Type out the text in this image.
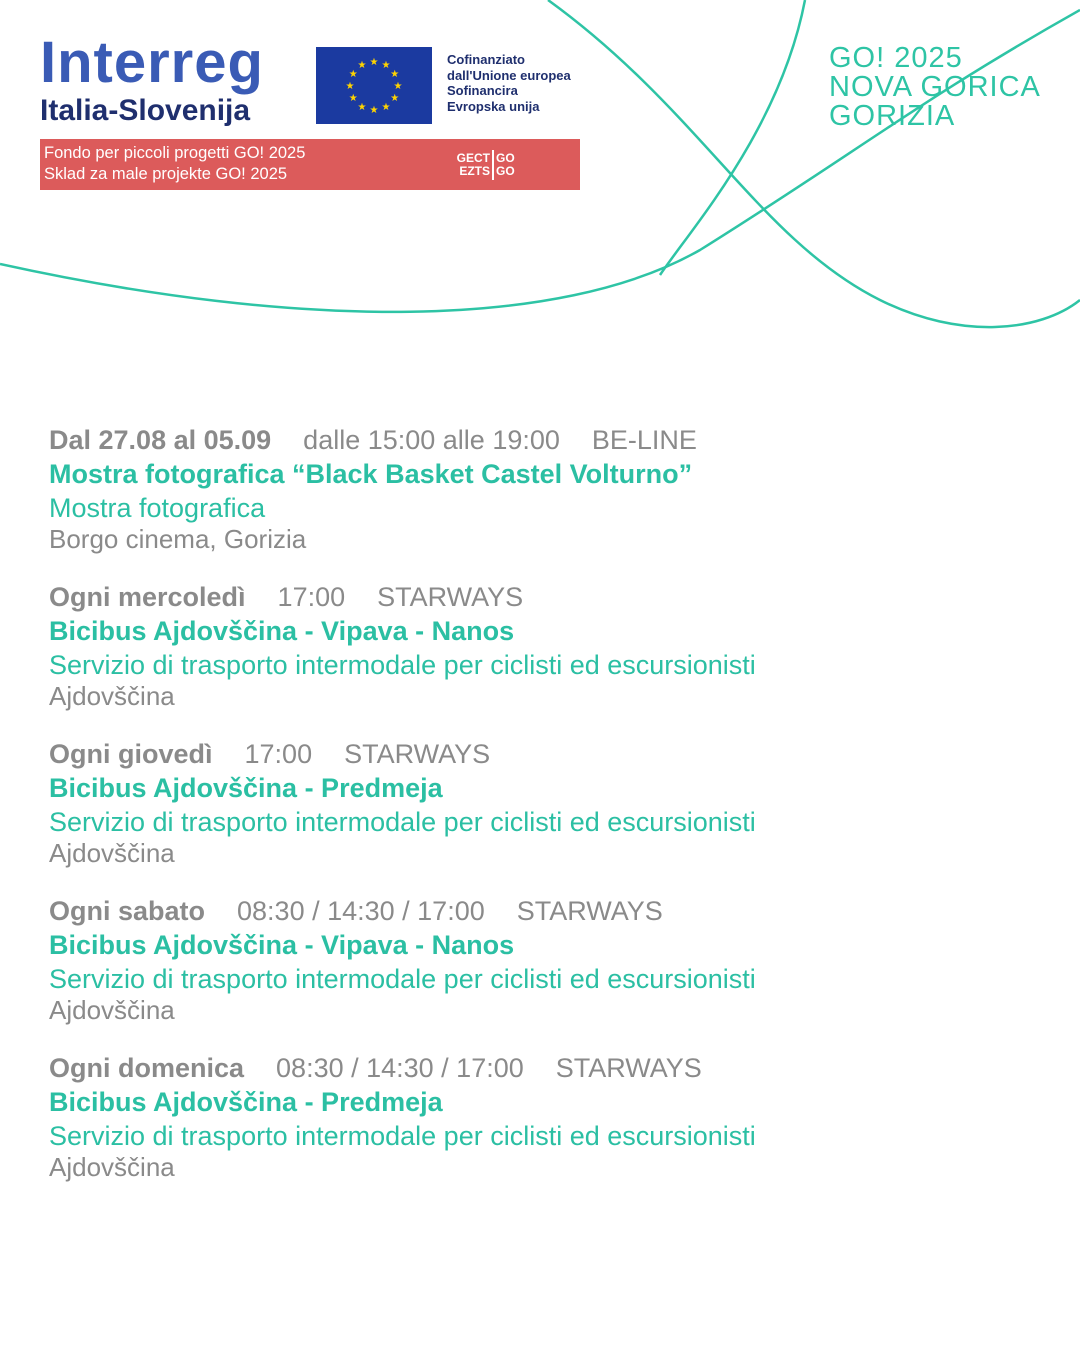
Interreg
Italia-Slovenija
★ ★
★
★
★
★
★
★
★
★
★
★	Cofinanziato
dall'Unione europea
Sofinancira
Evropska unija
Fondo per piccoli progetti GO! 2025
Sklad za male projekte GO! 2025
GECT
EZTS
GO
GO
GO! 2025
NOVA GORICA
GORIZIA
Dal 27.08 al 05.09 dalle 15:00 alle 19:00 BE-LINE
Mostra fotografica “Black Basket Castel Volturno”
Mostra fotografica
Borgo cinema, Gorizia
Ogni mercoledì 17:00 STARWAYS
Bicibus Ajdovščina - Vipava - Nanos
Servizio di trasporto intermodale per ciclisti ed escursionisti
Ajdovščina
Ogni giovedì 17:00 STARWAYS
Bicibus Ajdovščina - Predmeja
Servizio di trasporto intermodale per ciclisti ed escursionisti
Ajdovščina
Ogni sabato 08:30 / 14:30 / 17:00 STARWAYS
Bicibus Ajdovščina - Vipava - Nanos
Servizio di trasporto intermodale per ciclisti ed escursionisti
Ajdovščina
Ogni domenica 08:30 / 14:30 / 17:00 STARWAYS
Bicibus Ajdovščina - Predmeja
Servizio di trasporto intermodale per ciclisti ed escursionisti
Ajdovščina
